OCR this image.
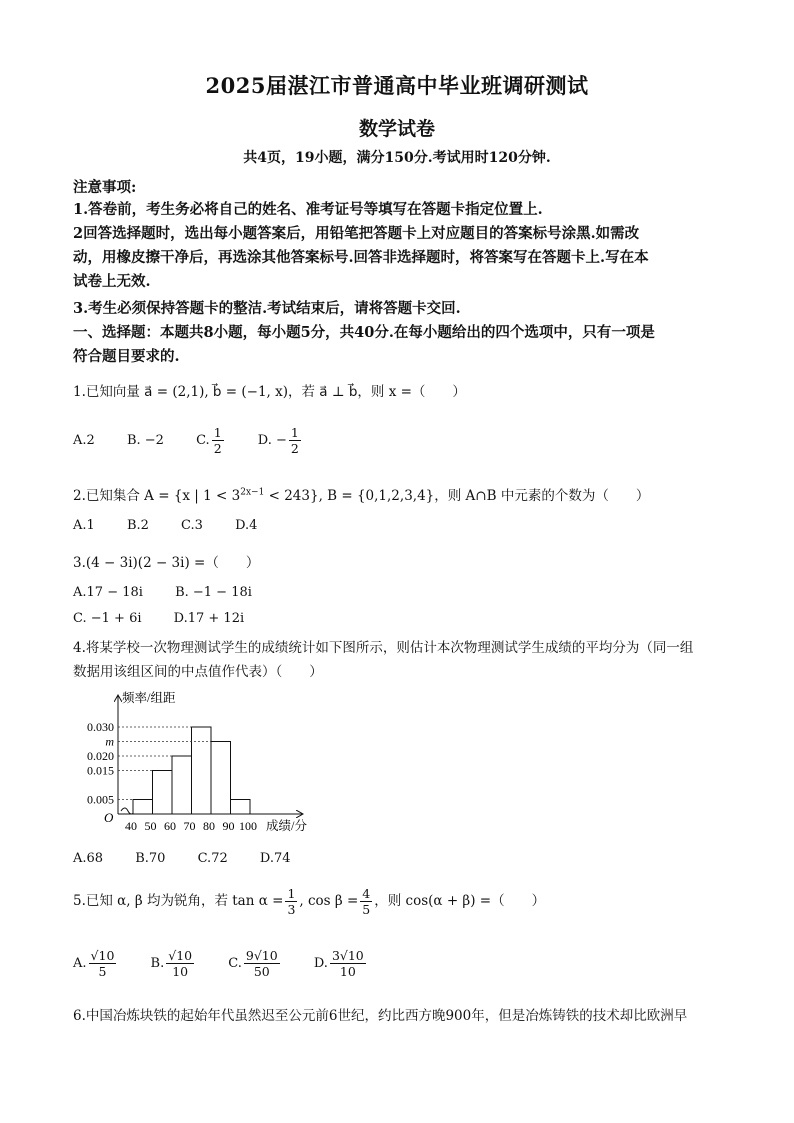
2025届湛江市普通高中毕业班调研测试
数学试卷
共4页，19小题，满分150分.考试用时120分钟.
注意事项:
1.答卷前，考生务必将自己的姓名、准考证号等填写在答题卡指定位置上.
2回答选择题时，选出每小题答案后，用铅笔把答题卡上对应题目的答案标号涂黑.如需改
动，用橡皮擦干净后，再选涂其他答案标号.回答非选择题时，将答案写在答题卡上.写在本
试卷上无效.
3.考生必须保持答题卡的整洁.考试结束后，请将答题卡交回.
一、选择题：本题共8小题，每小题5分，共40分.在每小题给出的四个选项中，只有一项是
符合题目要求的.
1.已知向量 a⃗ = (2,1), b⃗ = (−1, x)，若 a⃗ ⊥ b⃗，则 x =（　　）
A.2 B. −2 C. $\frac{1}{2}$	D. − $\frac{1}{2}$
2.已知集合 A = {x | $1 < 3^{2x-1} < 243$}, B = {0,1,2,3,4}，则 A∩B 中元素的个数为（　　）
A.1 B.2 C.3 D.4
3.(4 − 3i)(2 − 3i) =（　　）
A.17 − 18i B. −1 − 18i
C. −1 + 6i D.17 + 12i
4.将某学校一次物理测试学生的成绩统计如下图所示，则估计本次物理测试学生成绩的平均分为（同一组
数据用该组区间的中点值作代表）（　　）
0.030
m
0.020
0.015
0.005
40 50 60 70 80 90 100
O
频率/组距
成绩/分
A.68 B.70 C.72 D.74
5.已知 α, β 均为锐角，若 $\tan \alpha = \frac{1}{3}$ , $\cos \beta = \frac{4}{5}$ ，则 cos(α + β) =（　　）
A. $\frac{√10}{5}$	B. $\frac{√10}{10}$	C. $\frac{9√10}{50}$	D. $\frac{3√10}{10}$
6.中国冶炼块铁的起始年代虽然迟至公元前6世纪，约比西方晚900年，但是冶炼铸铁的技术却比欧洲早
